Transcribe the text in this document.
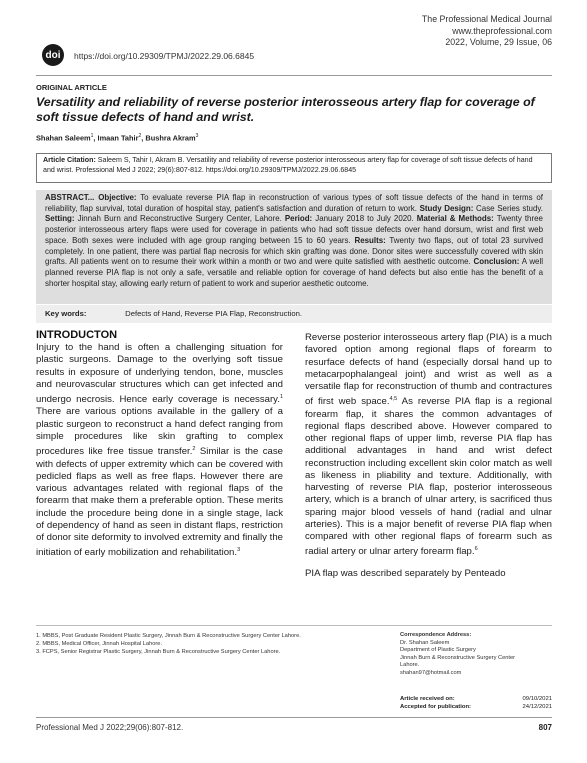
doi	https://doi.org/10.29309/TPMJ/2022.29.06.6845
The Professional Medical Journal
www.theprofessional.com
2022, Volume, 29 Issue, 06
ORIGINAL ARTICLE
Versatility and reliability of reverse posterior interosseous artery flap for coverage of soft tissue defects of hand and wrist.
Shahan Saleem$^1$, Imaan Tahir$^2$, Bushra Akram$^3$
Article Citation: Saleem S, Tahir I, Akram B. Versatility and reliability of reverse posterior interosseous artery flap for coverage of soft tissue defects of hand and wrist. Professional Med J 2022; 29(6):807-812. https://doi.org/10.29309/TPMJ/2022.29.06.6845
ABSTRACT... Objective: To evaluate reverse PIA flap in reconstruction of various types of soft tissue defects of the hand in terms of reliability, flap survival, total duration of hospital stay, patient's satisfaction and duration of return to work. Study Design: Case Series study. Setting: Jinnah Burn and Reconstructive Surgery Center, Lahore. Period: January 2018 to July 2020. Material & Methods: Twenty three posterior interosseous artery flaps were used for coverage in patients who had soft tissue defects over hand dorsum, wrist and first web space. Both sexes were included with age group ranging between 15 to 60 years. Results: Twenty two flaps, out of total 23 survived completely. In one patient, there was partial flap necrosis for which skin grafting was done. Donor sites were successfully covered with skin grafts. All patients went on to resume their work within a month or two and were quite satisfied with aesthetic outcome. Conclusion: A well planned reverse PIA flap is not only a safe, versatile and reliable option for coverage of hand defects but also entie has the benefit of a shorter hospital stay, allowing early return of patient to work and superior aesthetic outcome.
Key words:	Defects of Hand, Reverse PIA Flap, Reconstruction.
INTRODUCTON

Injury to the hand is often a challenging situation for plastic surgeons. Damage to the overlying soft tissue results in exposure of underlying tendon, bone, muscles and neurovascular structures which can get infected and undergo necrosis. Hence early coverage is necessary.$^1$ There are various options available in the gallery of a plastic surgeon to reconstruct a hand defect ranging from simple procedures like skin grafting to complex procedures like free tissue transfer.$^2$ Similar is the case with defects of upper extremity which can be covered with pedicled flaps as well as free flaps. However there are various advantages related with regional flaps of the forearm that make them a preferable option. These merits include the procedure being done in a single stage, lack of dependency of hand as seen in distant flaps, restriction of donor site deformity to involved extremity and finally the initiation of early mobilization and rehabilitation.$^3$

Reverse posterior interosseous artery flap (PIA) is a much favored option among regional flaps of forearm to resurface defects of hand (especially dorsal hand up to metacarpophalangeal joint) and wrist as well as a versatile flap for reconstruction of thumb and contractures of first web space.$^{4,5}$ As reverse PIA flap is a regional forearm flap, it shares the common advantages of regional flaps described above. However compared to other regional flaps of upper limb, reverse PIA flap has additional advantages in hand and wrist defect reconstruction including excellent skin color match as well as likeness in pliability and texture. Additionally, with harvesting of reverse PIA flap, posterior interosseous artery, which is a branch of ulnar artery, is sacrificed thus sparing major blood vessels of hand (radial and ulnar arteries). This is a major benefit of reverse PIA flap when compared with other regional flaps of forearm such as radial artery or ulnar artery forearm flap.$^6$

PIA flap was described separately by Penteado

1. MBBS, Post Graduate Resident Plastic Surgery, Jinnah Burn & Reconstructive Surgery Center Lahore.
2. MBBS, Medical Officer, Jinnah Hospital Lahore.
3. FCPS, Senior Registrar Plastic Surgery, Jinnah Burn & Reconstructive Surgery Center Lahore.
Correspondence Address:
Dr. Shahan Saleem
Department of Plastic Surgery
Jinnah Burn & Reconstructive Surgery Center
Lahore.
shahan97@hotmail.com
Article received on:	09/10/2021
Accepted for publication:	24/12/2021
Professional Med J 2022;29(06):807-812.	807
